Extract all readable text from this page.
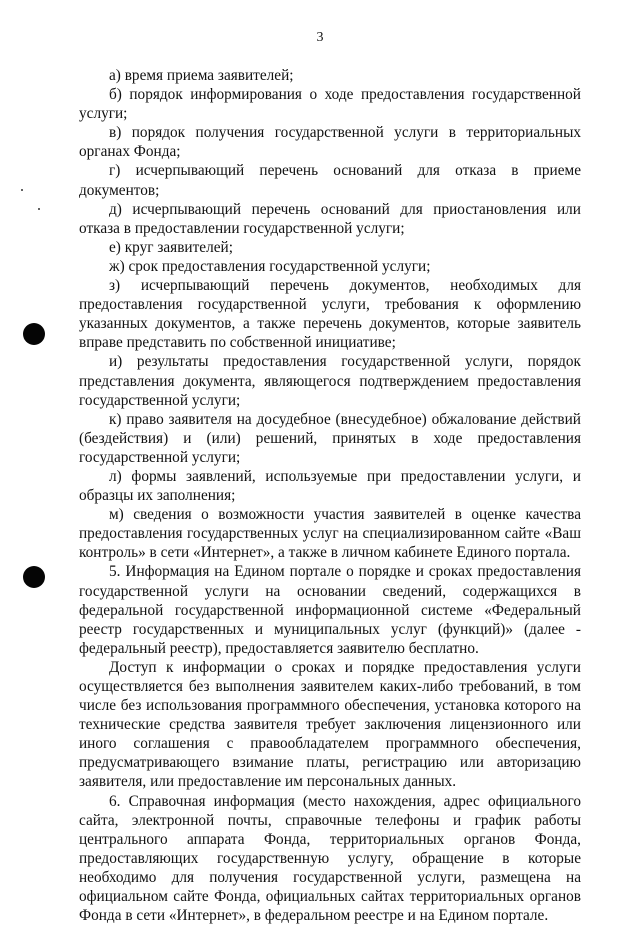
3

а) время приема заявителей;

б) порядок информирования о ходе предоставления государственной услуги;

в) порядок получения государственной услуги в территориальных органах Фонда;

г) исчерпывающий перечень оснований для отказа в приеме документов;

д) исчерпывающий перечень оснований для приостановления или отказа в предоставлении государственной услуги;

е) круг заявителей;

ж) срок предоставления государственной услуги;

з) исчерпывающий перечень документов, необходимых для предоставления государственной услуги, требования к оформлению указанных документов, а также перечень документов, которые заявитель вправе представить по собственной инициативе;

и) результаты предоставления государственной услуги, порядок представления документа, являющегося подтверждением предоставления государственной услуги;

к) право заявителя на досудебное (внесудебное) обжалование действий (бездействия) и (или) решений, принятых в ходе предоставления государственной услуги;

л) формы заявлений, используемые при предоставлении услуги, и образцы их заполнения;

м) сведения о возможности участия заявителей в оценке качества предоставления государственных услуг на специализированном сайте «Ваш контроль» в сети «Интернет», а также в личном кабинете Единого портала.

5. Информация на Едином портале о порядке и сроках предоставления государственной услуги на основании сведений, содержащихся в федеральной государственной информационной системе «Федеральный реестр государственных и муниципальных услуг (функций)» (далее - федеральный реестр), предоставляется заявителю бесплатно.

Доступ к информации о сроках и порядке предоставления услуги осуществляется без выполнения заявителем каких-либо требований, в том числе без использования программного обеспечения, установка которого на технические средства заявителя требует заключения лицензионного или иного соглашения с правообладателем программного обеспечения, предусматривающего взимание платы, регистрацию или авторизацию заявителя, или предоставление им персональных данных.

6. Справочная информация (место нахождения, адрес официального сайта, электронной почты, справочные телефоны и график работы центрального аппарата Фонда, территориальных органов Фонда, предоставляющих государственную услугу, обращение в которые необходимо для получения государственной услуги, размещена на официальном сайте Фонда, официальных сайтах территориальных органов Фонда в сети «Интернет», в федеральном реестре и на Едином портале.
